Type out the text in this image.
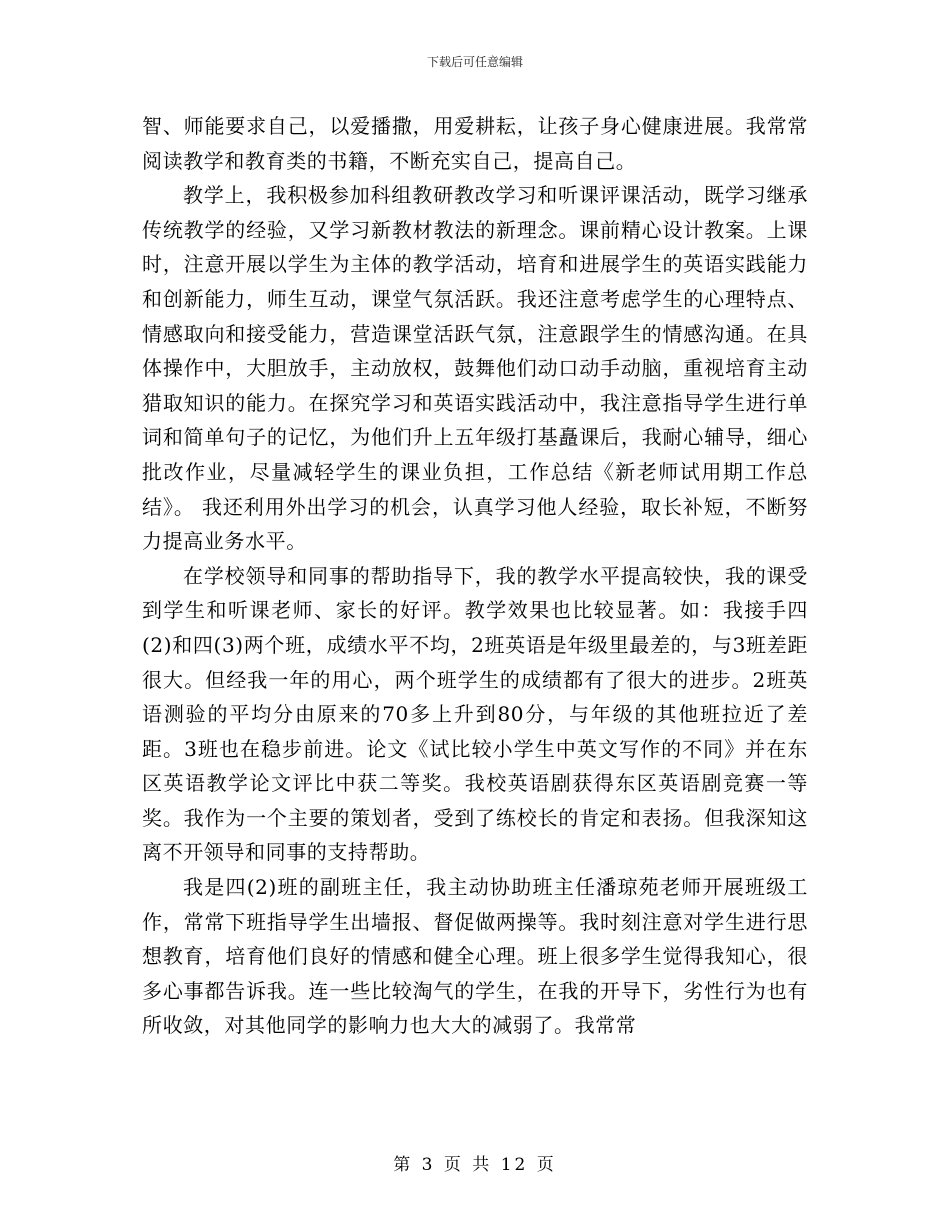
下载后可任意编辑

智、师能要求自己，以爱播撒，用爱耕耘，让孩子身心健康进展。我常常阅读教学和教育类的书籍，不断充实自己，提高自己。

教学上，我积极参加科组教研教改学习和听课评课活动，既学习继承传统教学的经验，又学习新教材教法的新理念。课前精心设计教案。上课时，注意开展以学生为主体的教学活动，培育和进展学生的英语实践能力和创新能力，师生互动，课堂气氛活跃。我还注意考虑学生的心理特点、情感取向和接受能力，营造课堂活跃气氛，注意跟学生的情感沟通。在具体操作中，大胆放手，主动放权，鼓舞他们动口动手动脑，重视培育主动猎取知识的能力。在探究学习和英语实践活动中，我注意指导学生进行单词和简单句子的记忆，为他们升上五年级打基矗课后，我耐心辅导，细心批改作业，尽量减轻学生的课业负担，工作总结《新老师试用期工作总结》。 我还利用外出学习的机会，认真学习他人经验，取长补短，不断努力提高业务水平。

在学校领导和同事的帮助指导下，我的教学水平提高较快，我的课受到学生和听课老师、家长的好评。教学效果也比较显著。如：我接手四(2)和四(3)两个班，成绩水平不均，2班英语是年级里最差的，与3班差距很大。但经我一年的用心，两个班学生的成绩都有了很大的进步。2班英语测验的平均分由原来的70多上升到80分，与年级的其他班拉近了差距。3班也在稳步前进。论文《试比较小学生中英文写作的不同》并在东区英语教学论文评比中获二等奖。我校英语剧获得东区英语剧竞赛一等奖。我作为一个主要的策划者，受到了练校长的肯定和表扬。但我深知这离不开领导和同事的支持帮助。

我是四(2)班的副班主任，我主动协助班主任潘琼苑老师开展班级工作，常常下班指导学生出墙报、督促做两操等。我时刻注意对学生进行思想教育，培育他们良好的情感和健全心理。班上很多学生觉得我知心，很多心事都告诉我。连一些比较淘气的学生，在我的开导下，劣性行为也有所收敛，对其他同学的影响力也大大的减弱了。我常常

第 3 页 共 12 页
